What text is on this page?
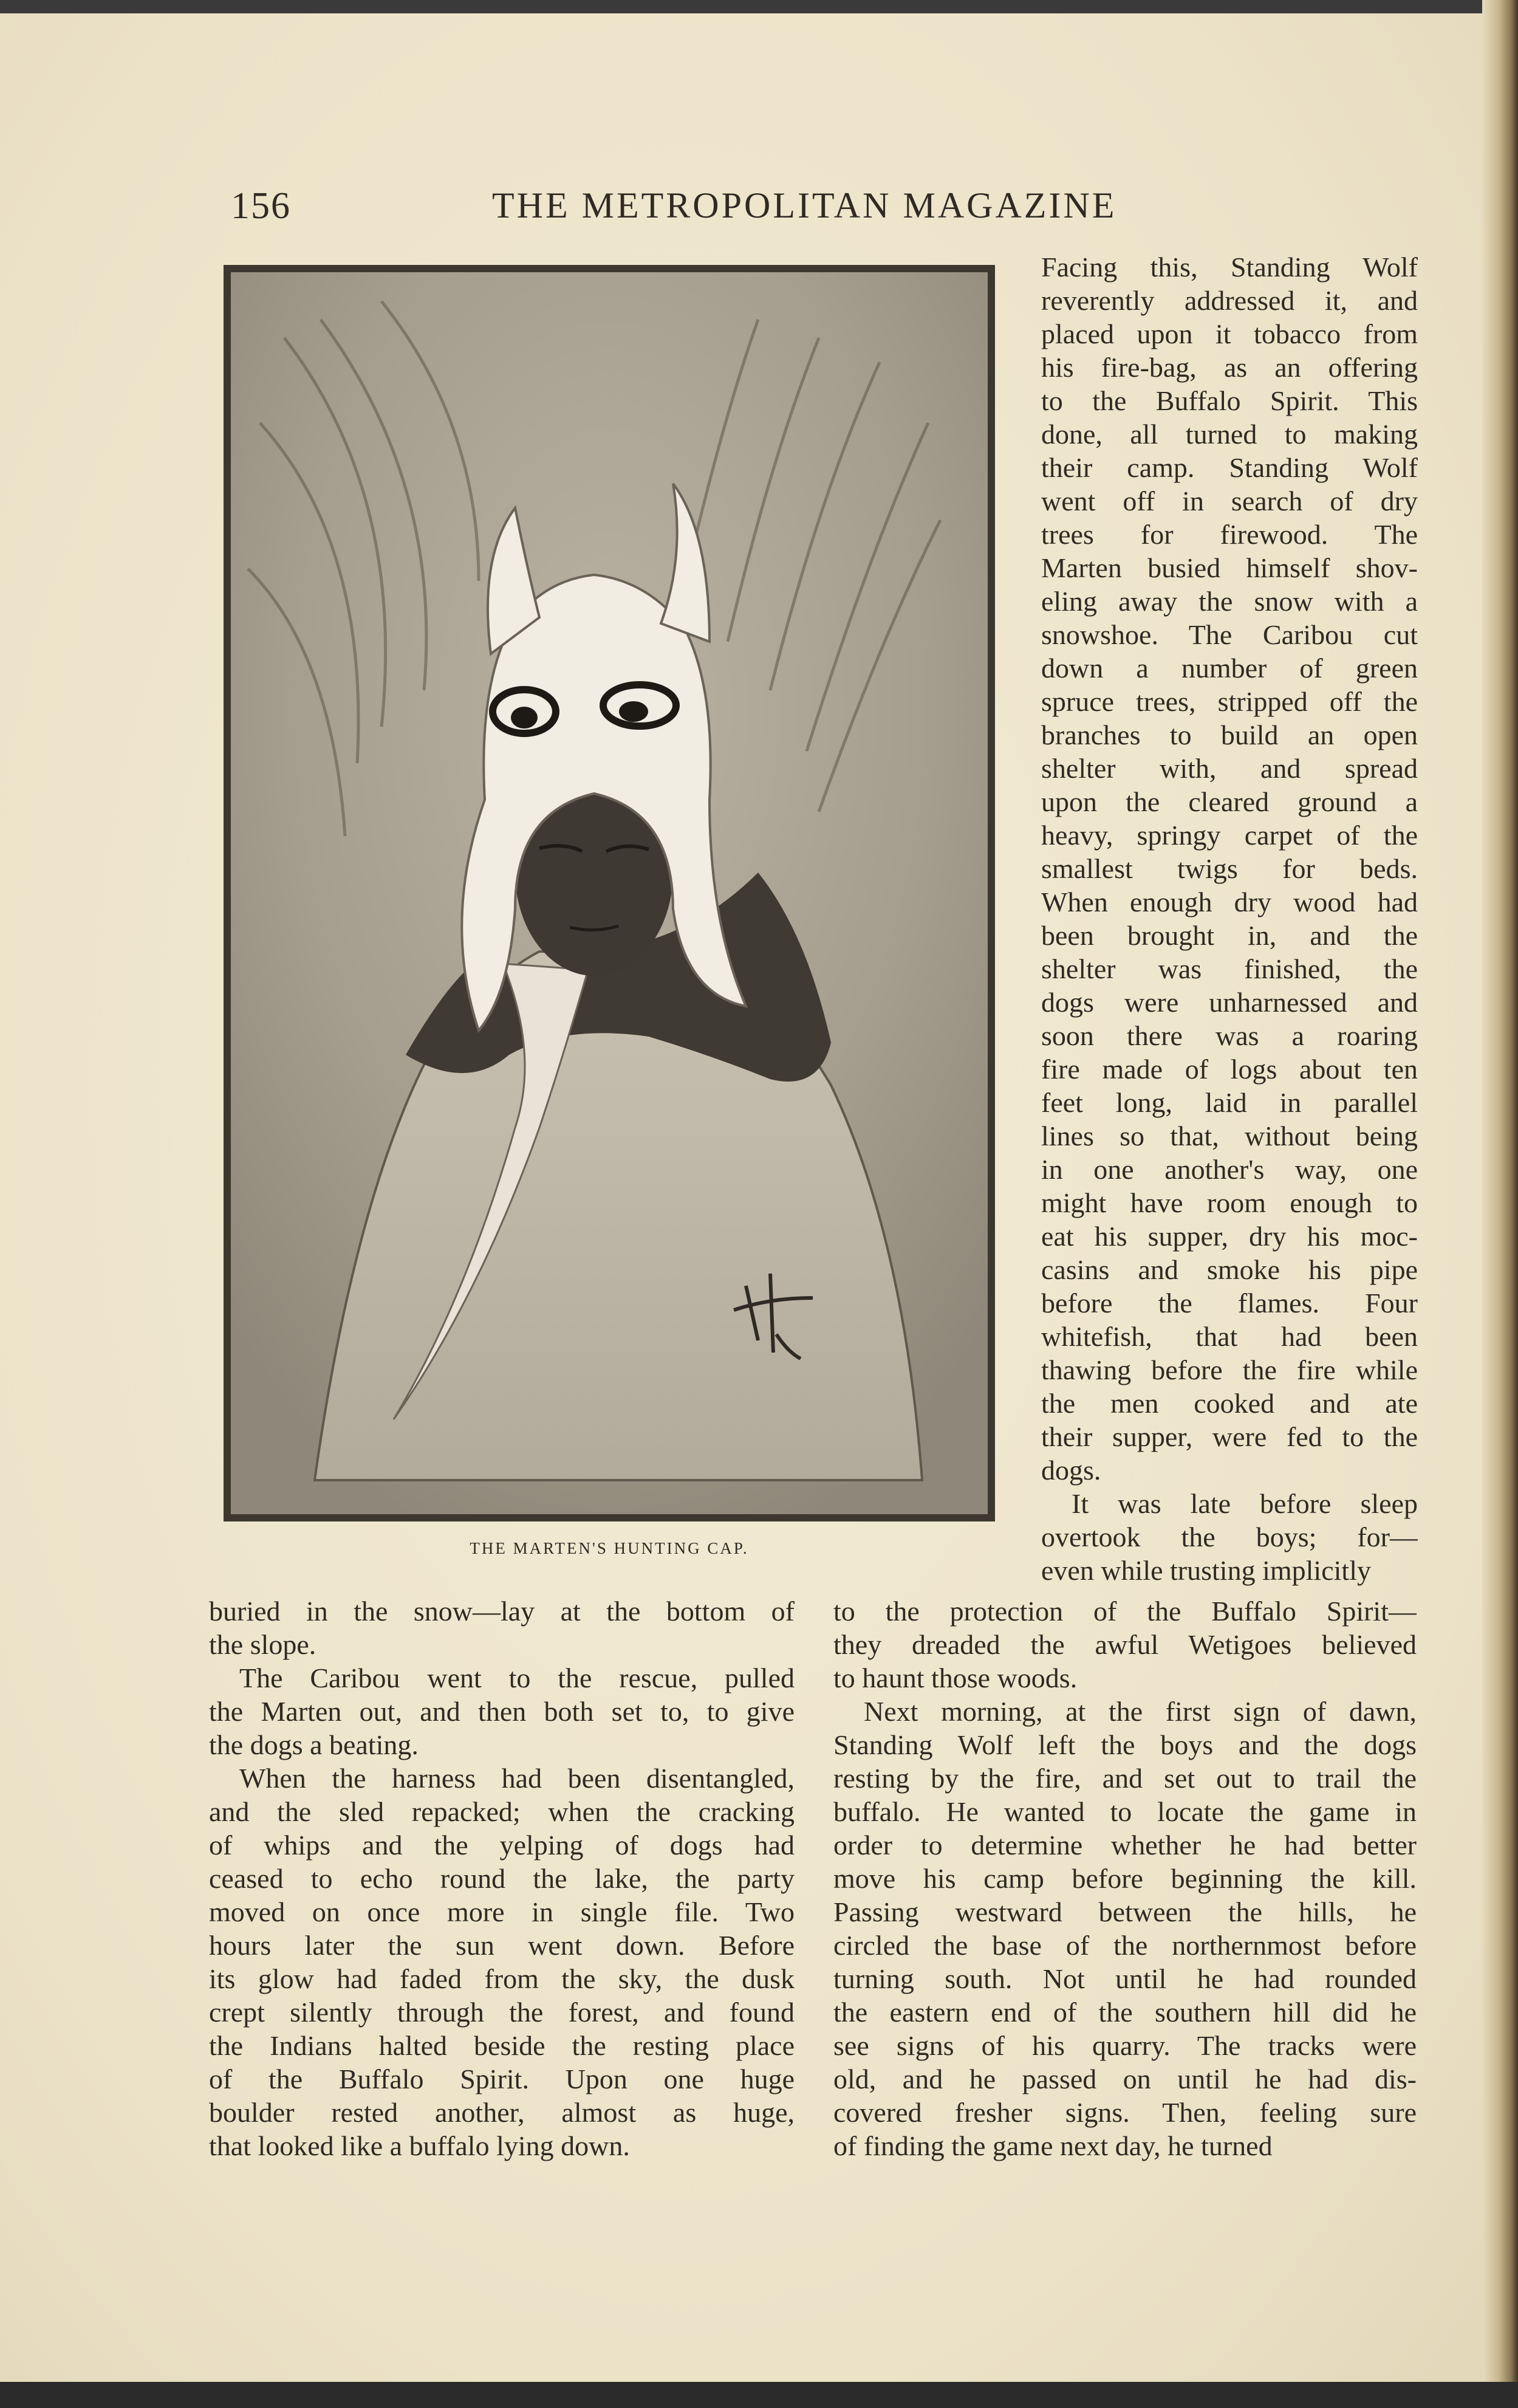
156	THE METROPOLITAN MAGAZINE
THE MARTEN'S HUNTING CAP.
Facing this, Standing Wolf
reverently addressed it, and
placed upon it tobacco from
his fire-bag, as an offering
to the Buffalo Spirit. This
done, all turned to making
their camp. Standing Wolf
went off in search of dry
trees for firewood. The
Marten busied himself shov-
eling away the snow with a
snowshoe. The Caribou cut
down a number of green
spruce trees, stripped off the
branches to build an open
shelter with, and spread
upon the cleared ground a
heavy, springy carpet of the
smallest twigs for beds.
When enough dry wood had
been brought in, and the
shelter was finished, the
dogs were unharnessed and
soon there was a roaring
fire made of logs about ten
feet long, laid in parallel
lines so that, without being
in one another's way, one
might have room enough to
eat his supper, dry his moc-
casins and smoke his pipe
before the flames. Four
whitefish, that had been
thawing before the fire while
the men cooked and ate
their supper, were fed to the
dogs.
It was late before sleep
overtook the boys; for—
even while trusting implicitly
buried in the snow—lay at the bottom of
the slope.
The Caribou went to the rescue, pulled
the Marten out, and then both set to, to give
the dogs a beating.
When the harness had been disentangled,
and the sled repacked; when the cracking
of whips and the yelping of dogs had
ceased to echo round the lake, the party
moved on once more in single file. Two
hours later the sun went down. Before
its glow had faded from the sky, the dusk
crept silently through the forest, and found
the Indians halted beside the resting place
of the Buffalo Spirit. Upon one huge
boulder rested another, almost as huge,
that looked like a buffalo lying down.
to the protection of the Buffalo Spirit—
they dreaded the awful Wetigoes believed
to haunt those woods.
Next morning, at the first sign of dawn,
Standing Wolf left the boys and the dogs
resting by the fire, and set out to trail the
buffalo. He wanted to locate the game in
order to determine whether he had better
move his camp before beginning the kill.
Passing westward between the hills, he
circled the base of the northernmost before
turning south. Not until he had rounded
the eastern end of the southern hill did he
see signs of his quarry. The tracks were
old, and he passed on until he had dis-
covered fresher signs. Then, feeling sure
of finding the game next day, he turned
